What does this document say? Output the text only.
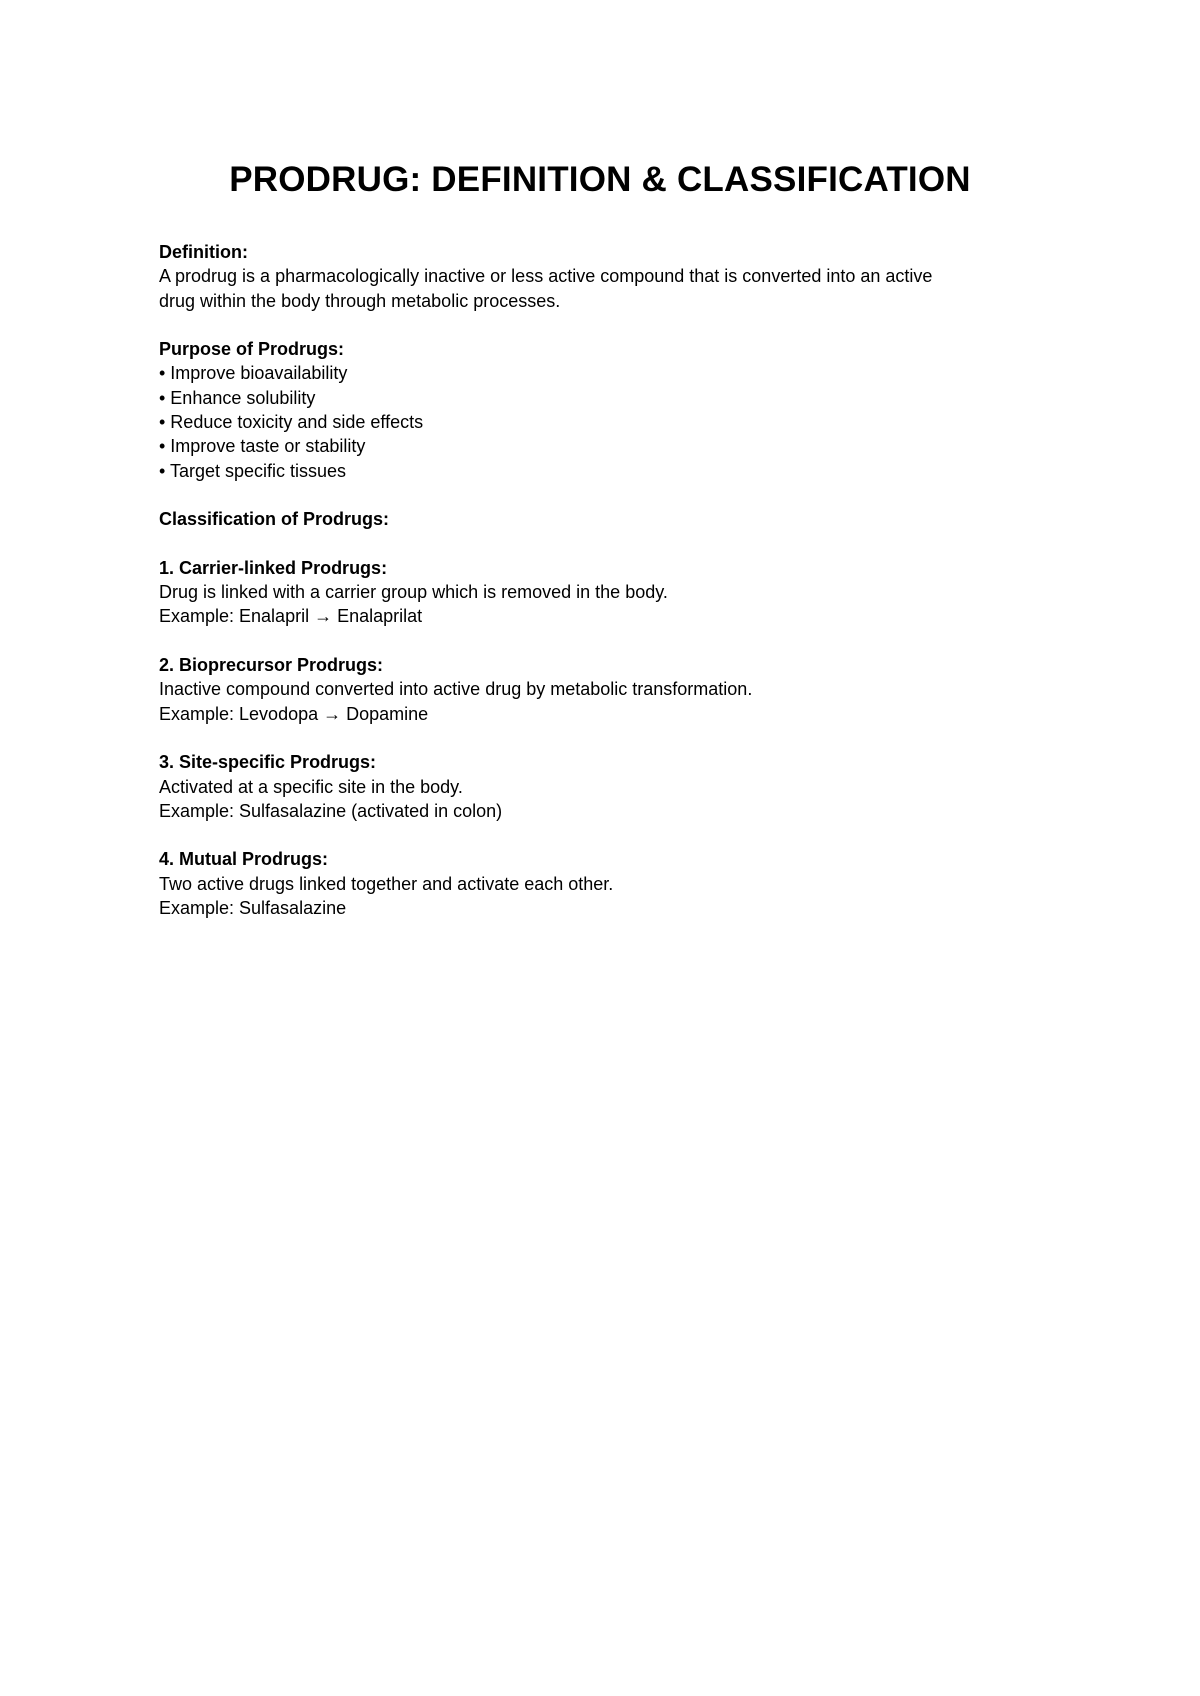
PRODRUG: DEFINITION & CLASSIFICATION
Definition:
A prodrug is a pharmacologically inactive or less active compound that is converted into an active
drug within the body through metabolic processes.
Purpose of Prodrugs:
• Improve bioavailability
• Enhance solubility
• Reduce toxicity and side effects
• Improve taste or stability
• Target specific tissues
Classification of Prodrugs:
1. Carrier-linked Prodrugs:
Drug is linked with a carrier group which is removed in the body.
Example: Enalapril → Enalaprilat
2. Bioprecursor Prodrugs:
Inactive compound converted into active drug by metabolic transformation.
Example: Levodopa → Dopamine
3. Site-specific Prodrugs:
Activated at a specific site in the body.
Example: Sulfasalazine (activated in colon)
4. Mutual Prodrugs:
Two active drugs linked together and activate each other.
Example: Sulfasalazine
